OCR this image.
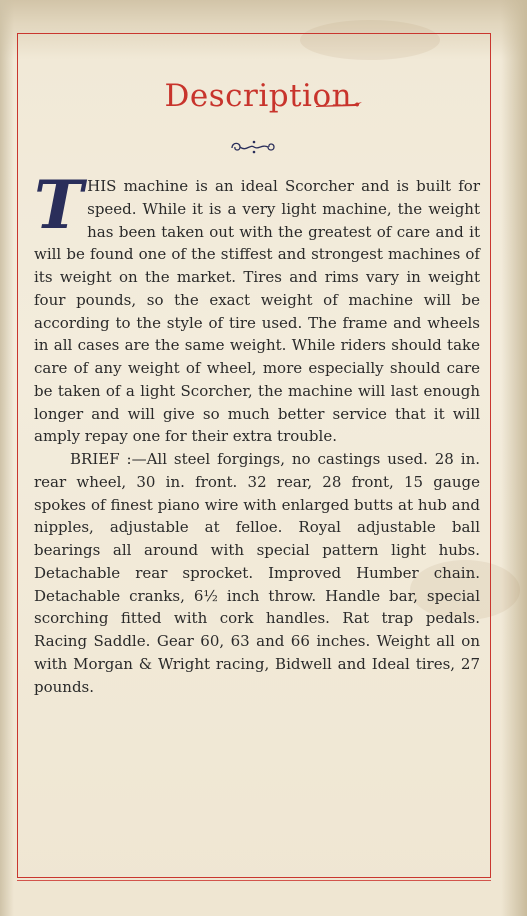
Description.

THIS machine is an ideal Scorcher and is built for speed. While it is a very light machine, the weight has been taken out with the greatest of care and it will be found one of the stiffest and strongest machines of its weight on the market. Tires and rims vary in weight four pounds, so the exact weight of machine will be according to the style of tire used. The frame and wheels in all cases are the same weight. While riders should take care of any weight of wheel, more especially should care be taken of a light Scorcher, the machine will last enough longer and will give so much better service that it will amply repay one for their extra trouble.

BRIEF :—All steel forgings, no castings used. 28 in. rear wheel, 30 in. front. 32 rear, 28 front, 15 gauge spokes of finest piano wire with enlarged butts at hub and nipples, adjustable at felloe. Royal adjustable ball bearings all around with special pattern light hubs. Detachable rear sprocket. Improved Humber chain. Detachable cranks, 6½ inch throw. Handle bar, special scorching fitted with cork handles. Rat trap pedals. Racing Saddle. Gear 60, 63 and 66 inches. Weight all on with Morgan & Wright racing, Bidwell and Ideal tires, 27 pounds.
